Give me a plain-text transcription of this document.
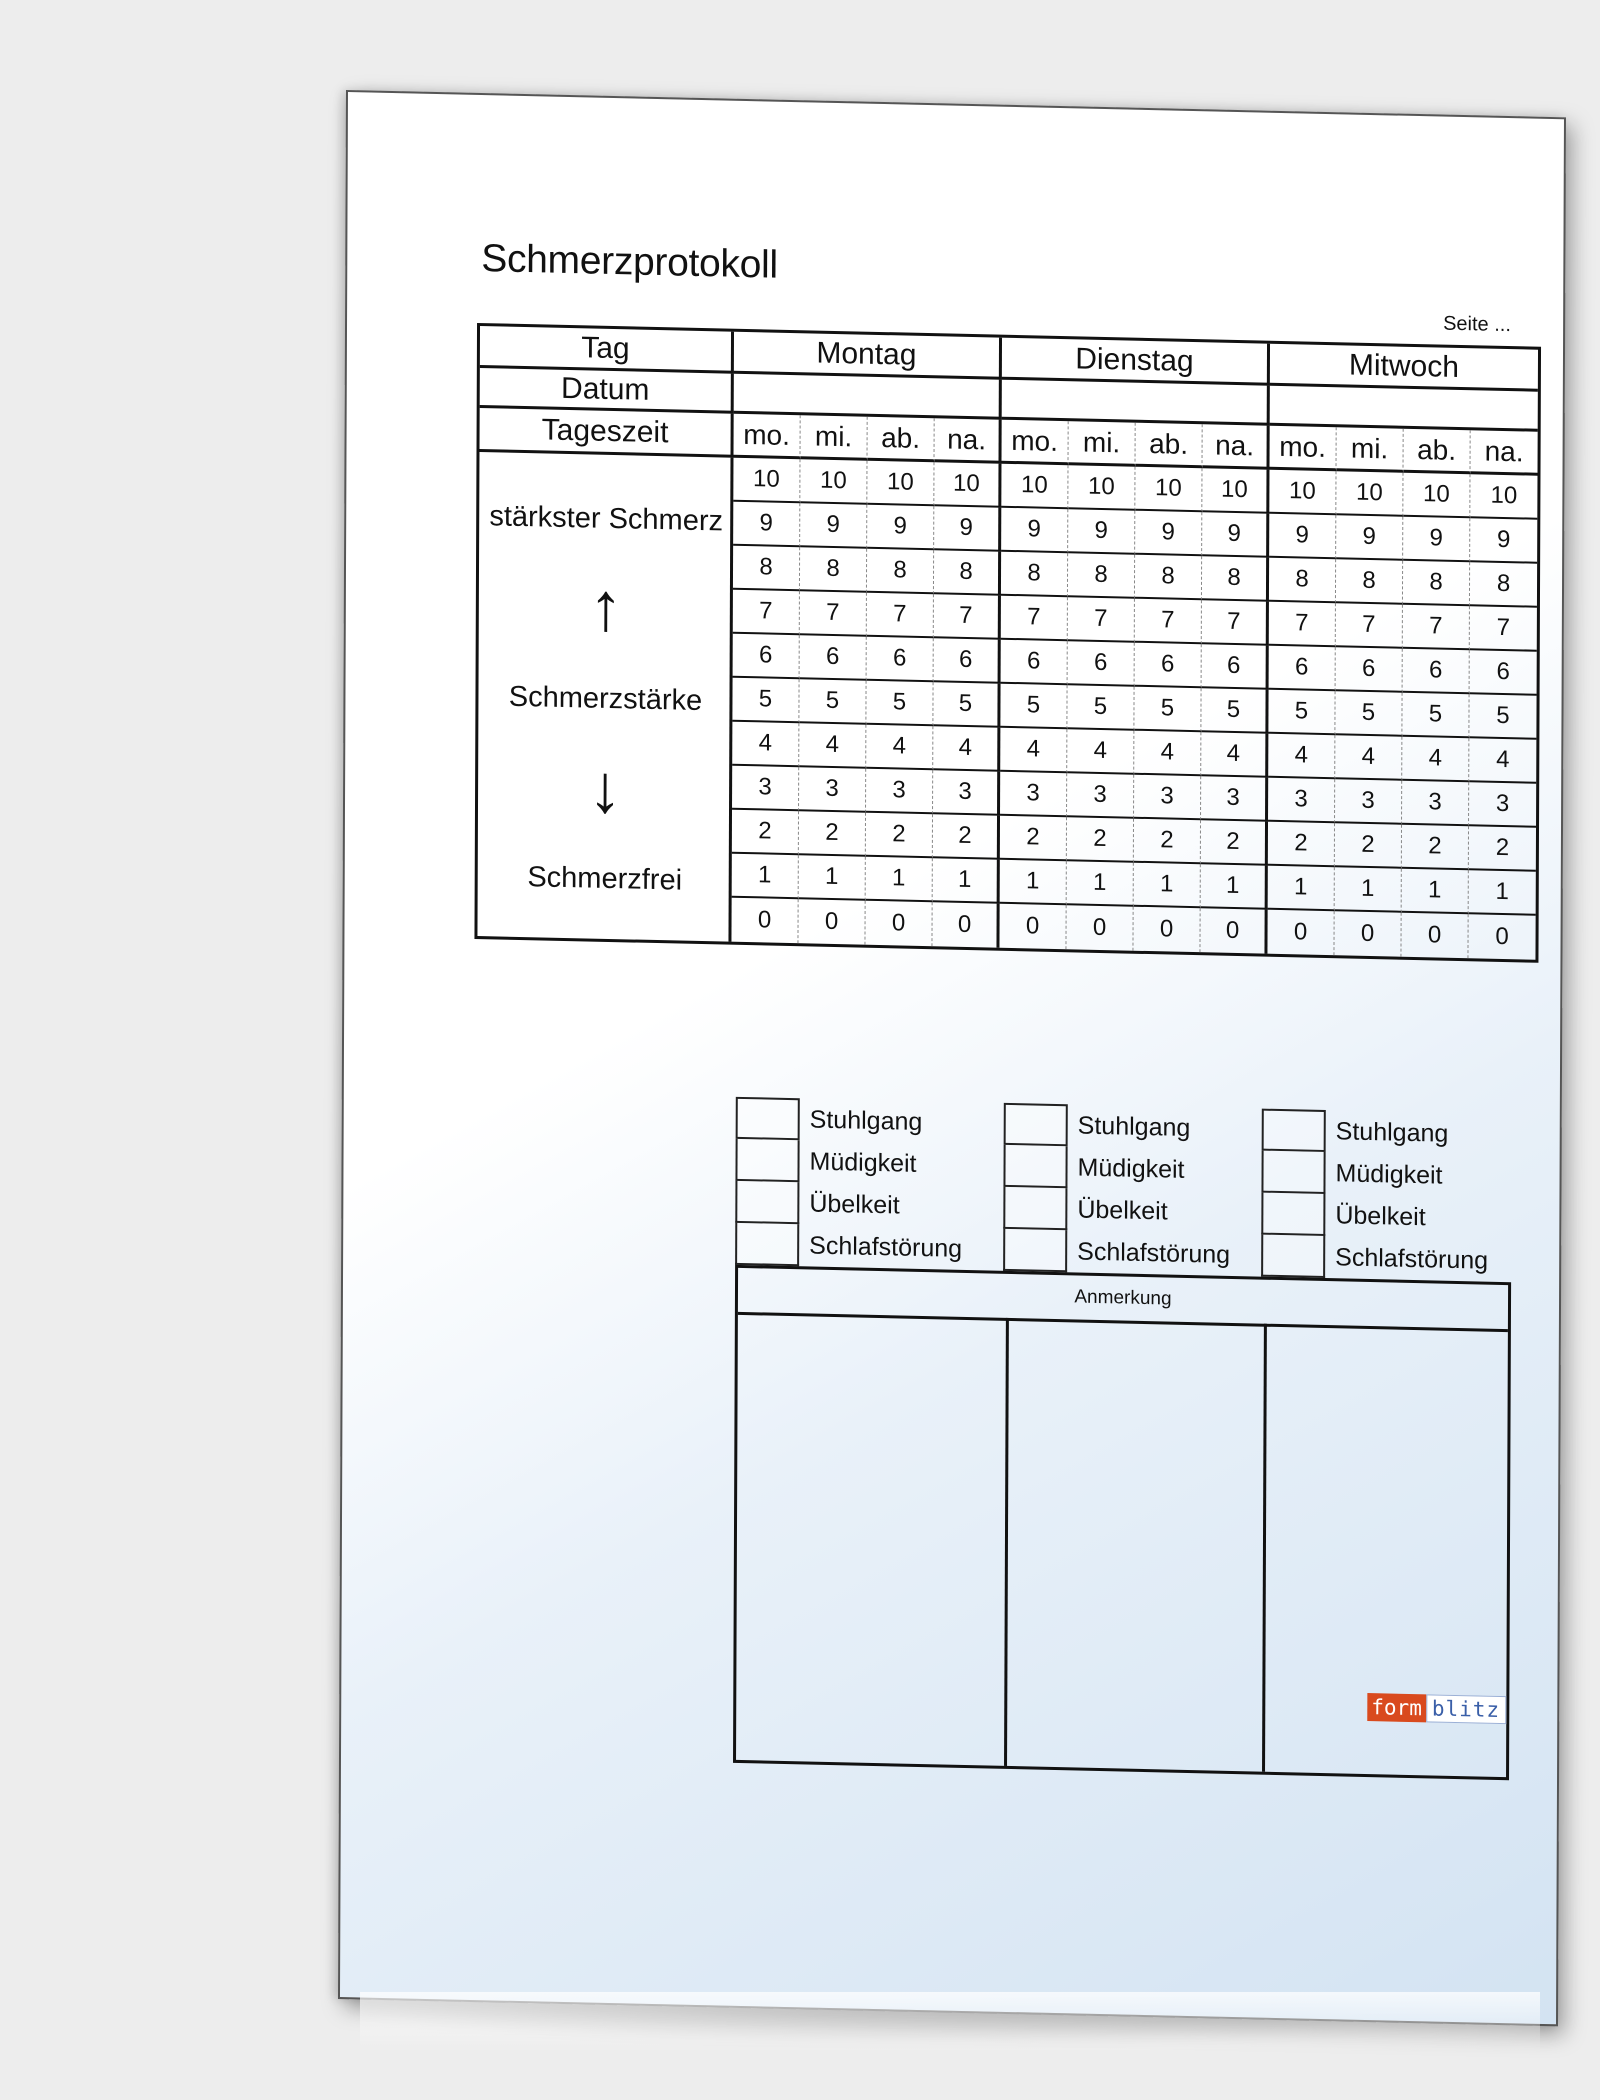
Schmerzprotokoll
Seite ...
Tag
Datum
Tageszeit
stärkster Schmerz
↑
Schmerzstärke
↓
Schmerzfrei
Montag
mo.
10
9
8
7
6
5
4
3
2
1
0
mi.
10
9
8
7
6
5
4
3
2
1
0
ab.
10
9
8
7
6
5
4
3
2
1
0
na.
10
9
8
7
6
5
4
3
2
1
0
Dienstag
mo.
10
9
8
7
6
5
4
3
2
1
0
mi.
10
9
8
7
6
5
4
3
2
1
0
ab.
10
9
8
7
6
5
4
3
2
1
0
na.
10
9
8
7
6
5
4
3
2
1
0
Mitwoch
mo.
10
9
8
7
6
5
4
3
2
1
0
mi.
10
9
8
7
6
5
4
3
2
1
0
ab.
10
9
8
7
6
5
4
3
2
1
0
na.
10
9
8
7
6
5
4
3
2
1
0
Stuhlgang
Müdigkeit
Übelkeit
Schlafstörung
Stuhlgang
Müdigkeit
Übelkeit
Schlafstörung
Stuhlgang
Müdigkeit
Übelkeit
Schlafstörung
Anmerkung
form blitz
